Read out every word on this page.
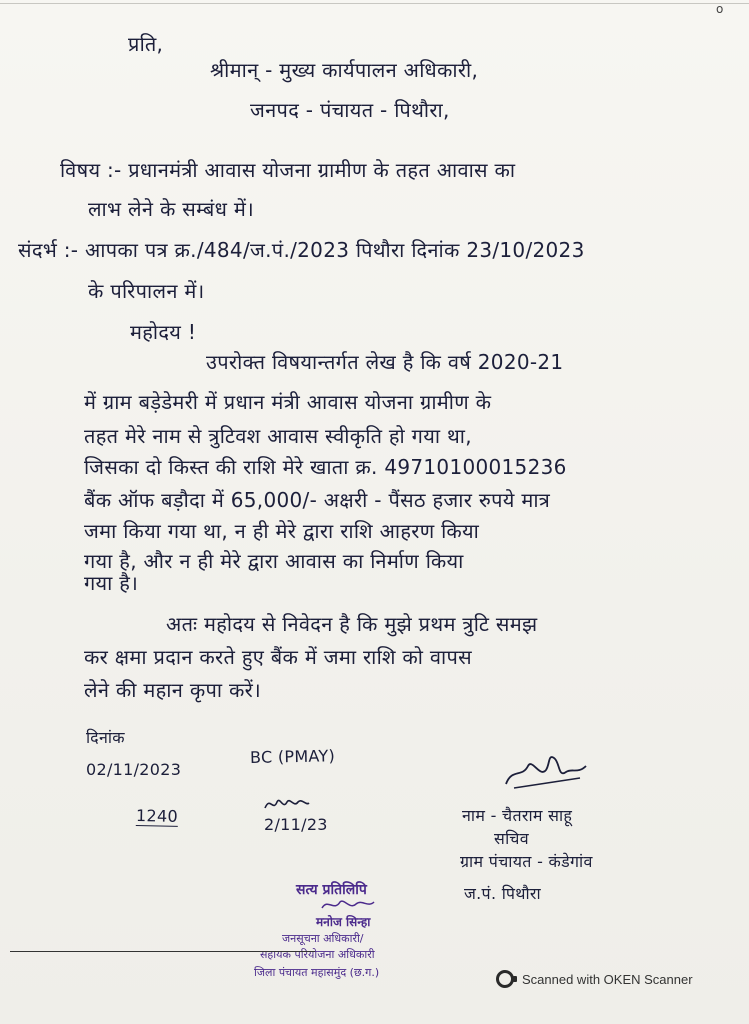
o
प्रति,
श्रीमान् - मुख्य कार्यपालन अधिकारी,
जनपद - पंचायत - पिथौरा,
विषय :- प्रधानमंत्री आवास योजना ग्रामीण के तहत आवास का
लाभ लेने के सम्बंध में।
संदर्भ :- आपका पत्र क्र./484/ज.पं./2023 पिथौरा दिनांक 23/10/2023
के परिपालन में।
महोदय !
उपरोक्त विषयान्तर्गत लेख है कि वर्ष 2020-21
में ग्राम बड़ेडेमरी में प्रधान मंत्री आवास योजना ग्रामीण के
तहत मेरे नाम से त्रुटिवश आवास स्वीकृति हो गया था,
जिसका दो किस्त की राशि मेरे खाता क्र. 49710100015236
बैंक ऑफ बड़ौदा में 65,000/- अक्षरी - पैंसठ हजार रुपये मात्र
जमा किया गया था, न ही मेरे द्वारा राशि आहरण किया
गया है, और न ही मेरे द्वारा आवास का निर्माण किया
गया है।
अतः महोदय से निवेदन है कि मुझे प्रथम त्रुटि समझ
कर क्षमा प्रदान करते हुए बैंक में जमा राशि को वापस
लेने की महान कृपा करें।
दिनांक
02/11/2023
BC (PMAY)
1240	2/11/23	नाम - चैतराम साहू
सचिव
ग्राम पंचायत - कंडेगांव
ज.पं. पिथौरा
सत्य प्रतिलिपि
मनोज सिन्हा
जनसूचना अधिकारी/
सहायक परियोजना अधिकारी
जिला पंचायत महासमुंद (छ.ग.)	Scanned with OKEN Scanner
